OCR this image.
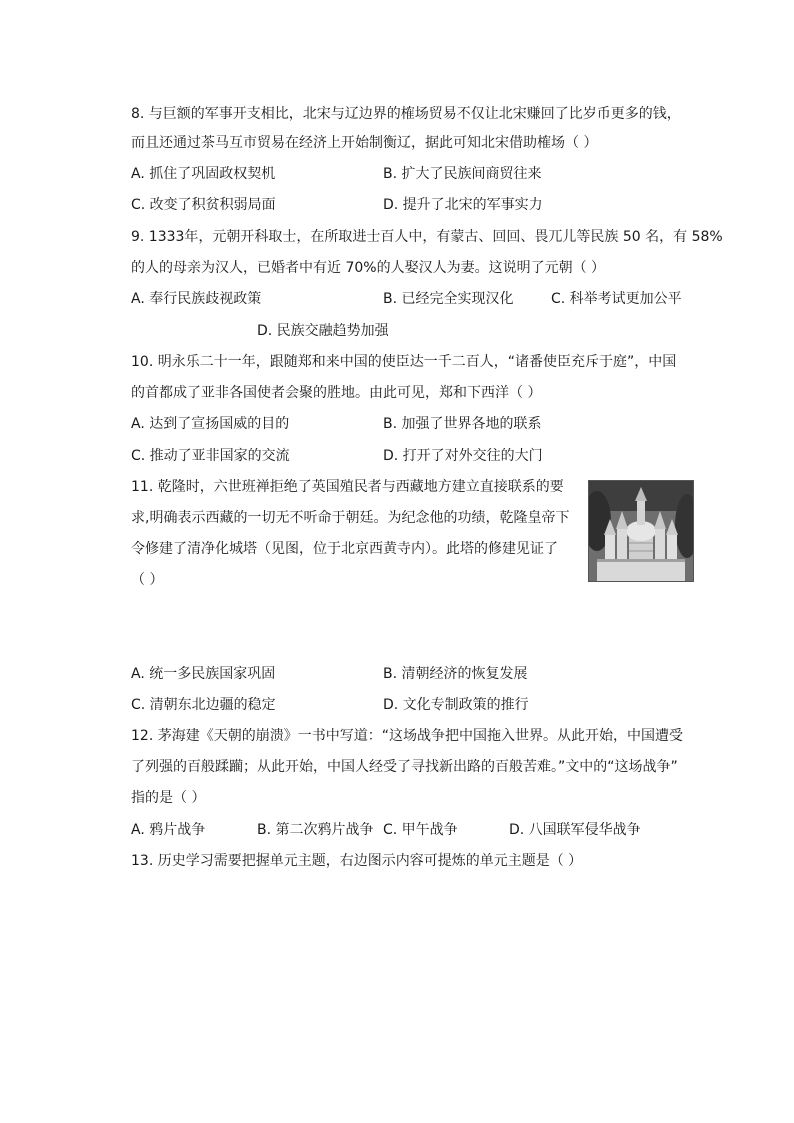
8. 与巨额的军事开支相比，北宋与辽边界的榷场贸易不仅让北宋赚回了比岁币更多的钱，
而且还通过茶马互市贸易在经济上开始制衡辽，据此可知北宋借助榷场（ ）
A. 抓住了巩固政权契机	B. 扩大了民族间商贸往来
C. 改变了积贫积弱局面	D. 提升了北宋的军事实力
9. 1333年，元朝开科取士，在所取进士百人中，有蒙古、回回、畏兀儿等民族 50 名，有 58%
的人的母亲为汉人，已婚者中有近 70%的人娶汉人为妻。这说明了元朝（ ）
A. 奉行民族歧视政策	B. 已经完全实现汉化	C. 科举考试更加公平
D. 民族交融趋势加强
10. 明永乐二十一年，跟随郑和来中国的使臣达一千二百人，“诸番使臣充斥于庭”，中国
的首都成了亚非各国使者会聚的胜地。由此可见，郑和下西洋（ ）
A. 达到了宣扬国威的目的	B. 加强了世界各地的联系
C. 推动了亚非国家的交流	D. 打开了对外交往的大门
11. 乾隆时，六世班禅拒绝了英国殖民者与西藏地方建立直接联系的要
求,明确表示西藏的一切无不听命于朝廷。为纪念他的功绩，乾隆皇帝下
令修建了清净化城塔（见图，位于北京西黄寺内）。此塔的修建见证了
（ ）
A. 统一多民族国家巩固	B. 清朝经济的恢复发展
C. 清朝东北边疆的稳定	D. 文化专制政策的推行
12. 茅海建《天朝的崩溃》一书中写道：“这场战争把中国拖入世界。从此开始，中国遭受
了列强的百般蹂躏；从此开始，中国人经受了寻找新出路的百般苦难。”文中的“这场战争”
指的是（ ）
A. 鸦片战争	B. 第二次鸦片战争 C. 甲午战争	D. 八国联军侵华战争
13. 历史学习需要把握单元主题，右边图示内容可提炼的单元主题是（ ）
